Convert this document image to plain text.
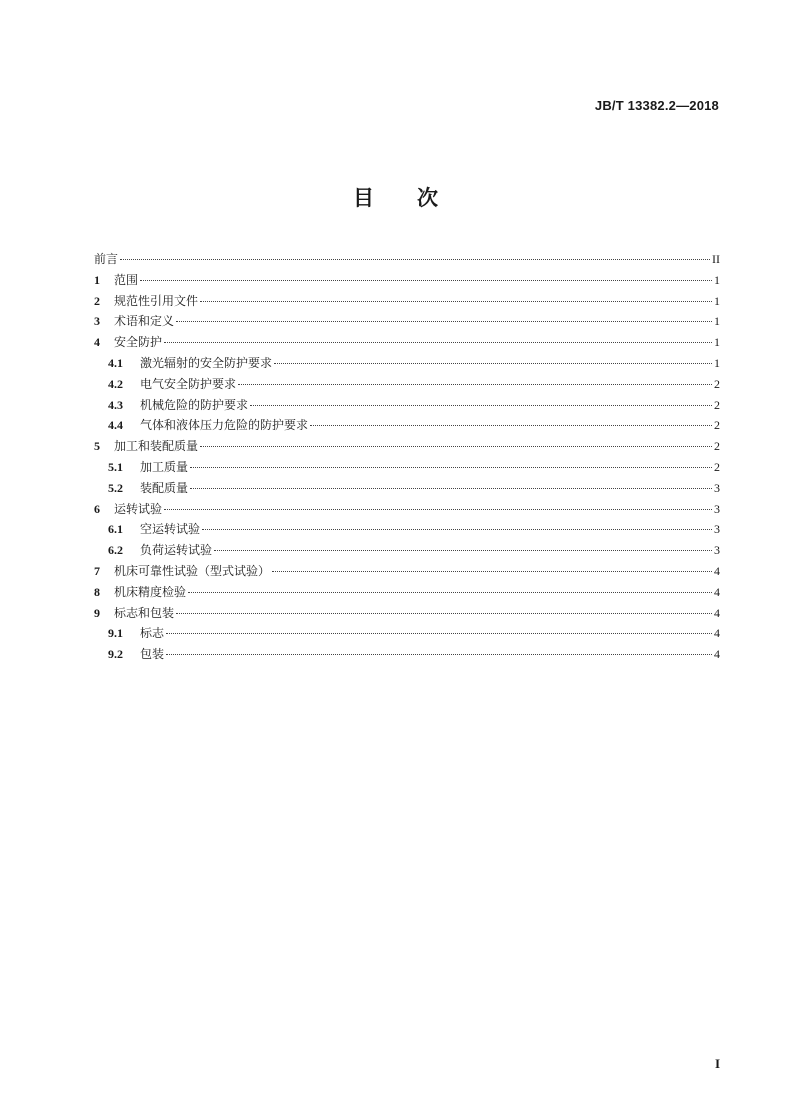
JB/T 13382.2—2018
目 次
前言	II
1	范围	1
2	规范性引用文件	1
3	术语和定义	1
4	安全防护	1
4.1	激光辐射的安全防护要求	1
4.2	电气安全防护要求	2
4.3	机械危险的防护要求	2
4.4	气体和液体压力危险的防护要求	2
5	加工和装配质量	2
5.1	加工质量	2
5.2	装配质量	3
6	运转试验	3
6.1	空运转试验	3
6.2	负荷运转试验	3
7	机床可靠性试验（型式试验）	4
8	机床精度检验	4
9	标志和包装	4
9.1	标志	4
9.2	包装	4
I
